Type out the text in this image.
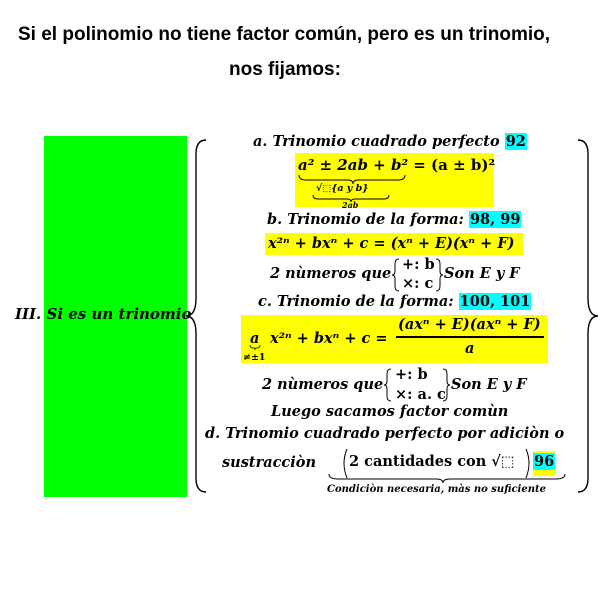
Si el polinomio no tiene factor común, pero es un trinomio,
nos fijamos:
III. Si es un trinomio
a. Trinomio cuadrado perfecto 92
a² ± 2ab + b² = (a ± b)²
√⬚{a y b}
2ab
b. Trinomio de la forma: 98, 99
x²ⁿ + bxⁿ + c = (xⁿ + E)(xⁿ + F)
2 nùmeros que
+: b
×: c
Son E y F
c. Trinomio de la forma: 100, 101
a
≠±1
x²ⁿ + bxⁿ + c =
(axⁿ + E)(axⁿ + F)
a
2 nùmeros que
+: b
×: a. c
Son E y F
Luego sacamos factor comùn
d. Trinomio cuadrado perfecto por adiciòn o
sustracciòn 2 cantidades con √⬚ 96
Condiciòn necesaria, màs no suficiente
